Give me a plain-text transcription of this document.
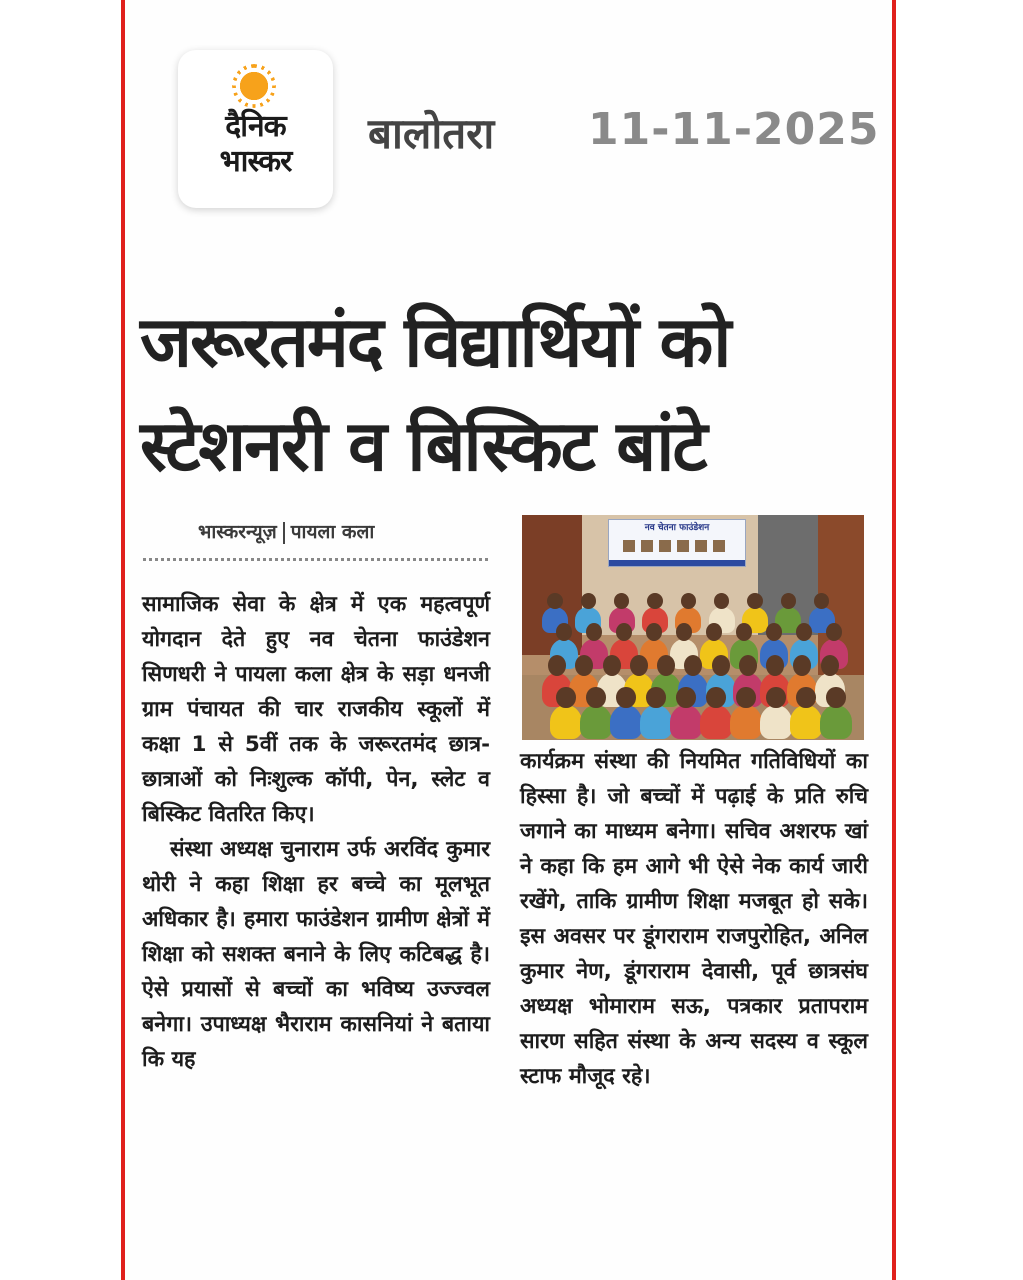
दैनिक
भास्कर
बालोतरा 11-11-2025
जरूरतमंद विद्यार्थियों को
स्टेशनरी व बिस्किट बांटे
भास्करन्यूज़ पायला कला

सामाजिक सेवा के क्षेत्र में एक महत्वपूर्ण योगदान देते हुए नव चेतना फाउंडेशन सिणधरी ने पायला कला क्षेत्र के सड़ा धनजी ग्राम पंचायत की चार राजकीय स्कूलों में कक्षा 1 से 5वीं तक के जरूरतमंद छात्र-छात्राओं को निःशुल्क कॉपी, पेन, स्लेट व बिस्किट वितरित किए।

संस्था अध्यक्ष चुनाराम उर्फ अरविंद कुमार थोरी ने कहा शिक्षा हर बच्चे का मूलभूत अधिकार है। हमारा फाउंडेशन ग्रामीण क्षेत्रों में शिक्षा को सशक्त बनाने के लिए कटिबद्ध है। ऐसे प्रयासों से बच्चों का भविष्य उज्ज्वल बनेगा। उपाध्यक्ष भैराराम कासनियां ने बताया कि यह

नव चेतना फाउंडेशन

कार्यक्रम संस्था की नियमित गतिविधियों का हिस्सा है। जो बच्चों में पढ़ाई के प्रति रुचि जगाने का माध्यम बनेगा। सचिव अशरफ खां ने कहा कि हम आगे भी ऐसे नेक कार्य जारी रखेंगे, ताकि ग्रामीण शिक्षा मजबूत हो सके। इस अवसर पर डूंगराराम राजपुरोहित, अनिल कुमार नेण, डूंगराराम देवासी, पूर्व छात्रसंघ अध्यक्ष भोमाराम सऊ, पत्रकार प्रतापराम सारण सहित संस्था के अन्य सदस्य व स्कूल स्टाफ मौजूद रहे।
